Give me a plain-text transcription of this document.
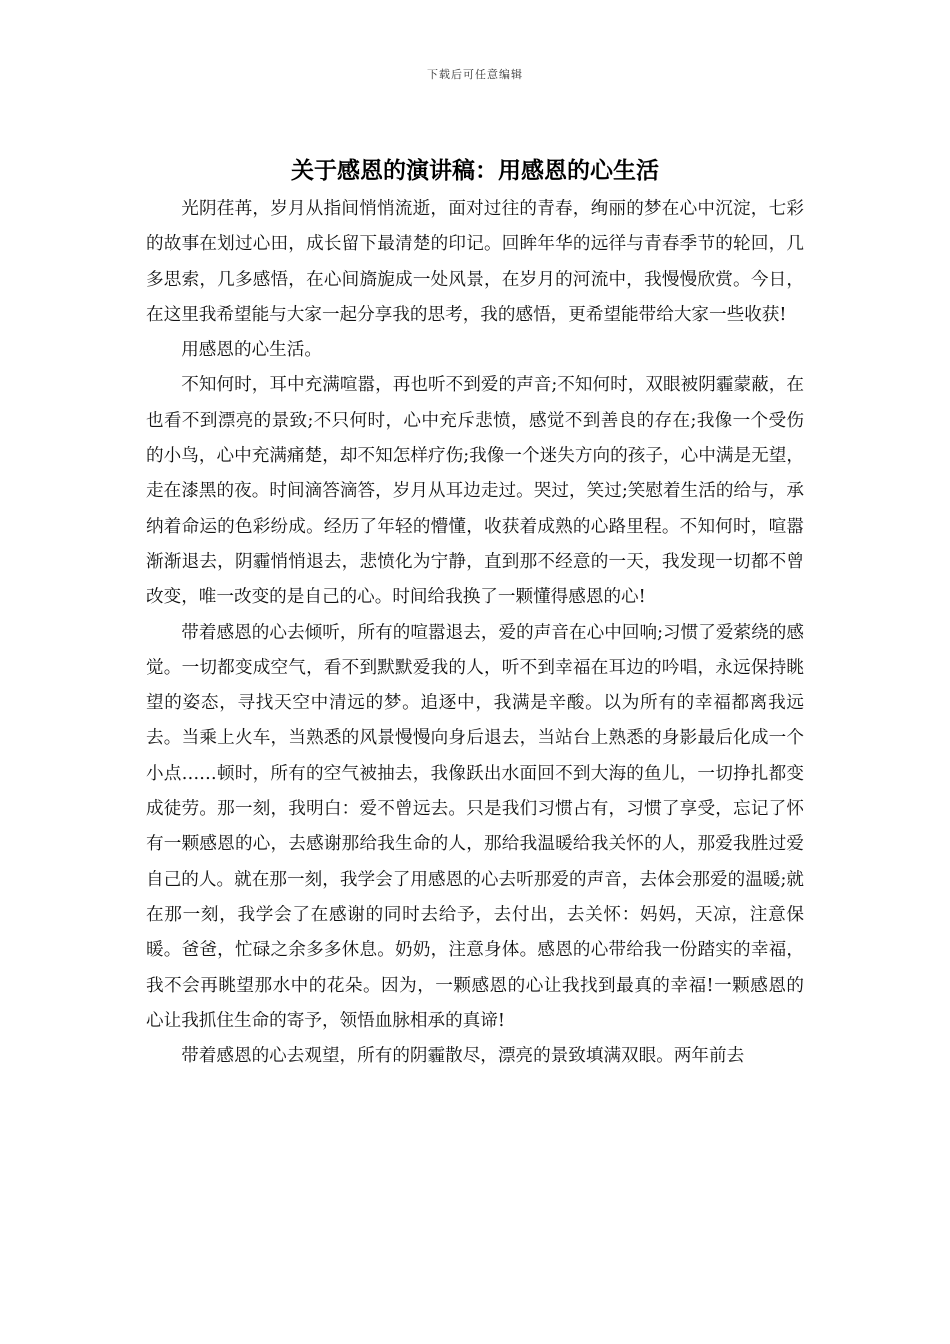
下载后可任意编辑
关于感恩的演讲稿：用感恩的心生活

光阴荏苒，岁月从指间悄悄流逝，面对过往的青春，绚丽的梦在心中沉淀，七彩的故事在划过心田，成长留下最清楚的印记。回眸年华的远徉与青春季节的轮回，几多思索，几多感悟，在心间旖旎成一处风景，在岁月的河流中，我慢慢欣赏。今日，在这里我希望能与大家一起分享我的思考，我的感悟，更希望能带给大家一些收获!

用感恩的心生活。

不知何时，耳中充满喧嚣，再也听不到爱的声音;不知何时，双眼被阴霾蒙蔽，在也看不到漂亮的景致;不只何时，心中充斥悲愤，感觉不到善良的存在;我像一个受伤的小鸟，心中充满痛楚，却不知怎样疗伤;我像一个迷失方向的孩子，心中满是无望，走在漆黑的夜。时间滴答滴答，岁月从耳边走过。哭过，笑过;笑慰着生活的给与，承纳着命运的色彩纷成。经历了年轻的懵懂，收获着成熟的心路里程。不知何时，喧嚣渐渐退去，阴霾悄悄退去，悲愤化为宁静，直到那不经意的一天，我发现一切都不曾改变，唯一改变的是自己的心。时间给我换了一颗懂得感恩的心!

带着感恩的心去倾听，所有的喧嚣退去，爱的声音在心中回响;习惯了爱萦绕的感觉。一切都变成空气，看不到默默爱我的人，听不到幸福在耳边的吟唱，永远保持眺望的姿态，寻找天空中清远的梦。追逐中，我满是辛酸。以为所有的幸福都离我远去。当乘上火车，当熟悉的风景慢慢向身后退去，当站台上熟悉的身影最后化成一个小点……顿时，所有的空气被抽去，我像跃出水面回不到大海的鱼儿，一切挣扎都变成徒劳。那一刻，我明白：爱不曾远去。只是我们习惯占有，习惯了享受，忘记了怀有一颗感恩的心，去感谢那给我生命的人，那给我温暖给我关怀的人，那爱我胜过爱自己的人。就在那一刻，我学会了用感恩的心去听那爱的声音，去体会那爱的温暖;就在那一刻，我学会了在感谢的同时去给予，去付出，去关怀：妈妈，天凉，注意保暖。爸爸，忙碌之余多多休息。奶奶，注意身体。感恩的心带给我一份踏实的幸福，我不会再眺望那水中的花朵。因为，一颗感恩的心让我找到最真的幸福!一颗感恩的心让我抓住生命的寄予，领悟血脉相承的真谛!

带着感恩的心去观望，所有的阴霾散尽，漂亮的景致填满双眼。两年前去
